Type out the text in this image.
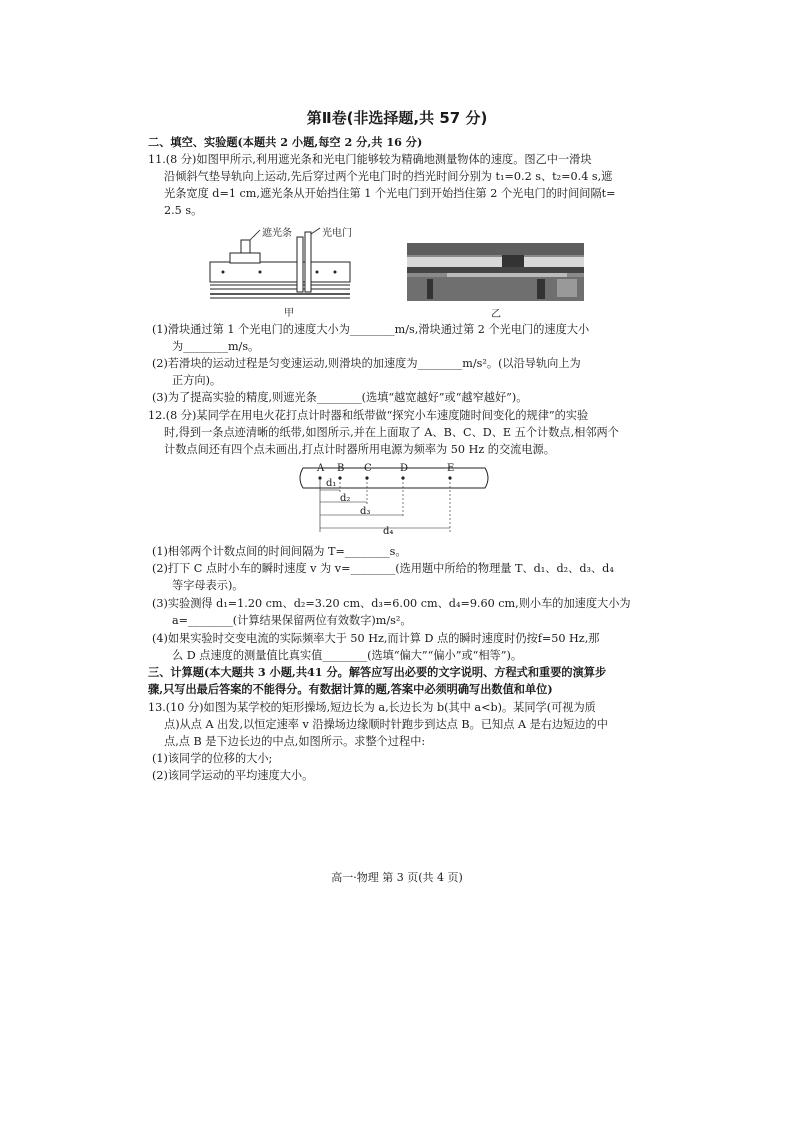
第Ⅱ卷(非选择题,共 57 分)
二、填空、实验题(本题共 2 小题,每空 2 分,共 16 分)
11.(8 分)如图甲所示,利用遮光条和光电门能够较为精确地测量物体的速度。图乙中一滑块
沿倾斜气垫导轨向上运动,先后穿过两个光电门时的挡光时间分别为 t₁=0.2 s、t₂=0.4 s,遮
光条宽度 d=1 cm,遮光条从开始挡住第 1 个光电门到开始挡住第 2 个光电门的时间间隔t=
2.5 s。
遮光条	光电门
甲	乙
(1)滑块通过第 1 个光电门的速度大小为________m/s,滑块通过第 2 个光电门的速度大小
为________m/s。
(2)若滑块的运动过程是匀变速运动,则滑块的加速度为________m/s²。(以沿导轨向上为
正方向)。
(3)为了提高实验的精度,则遮光条________(选填“越宽越好”或“越窄越好”)。
12.(8 分)某同学在用电火花打点计时器和纸带做“探究小车速度随时间变化的规律”的实验
时,得到一条点迹清晰的纸带,如图所示,并在上面取了 A、B、C、D、E 五个计数点,相邻两个
计数点间还有四个点未画出,打点计时器所用电源为频率为 50 Hz 的交流电源。
A B C	D	E
d₁
d₂
d₃
d₄
(1)相邻两个计数点间的时间间隔为 T=________s。
(2)打下 C 点时小车的瞬时速度 v 为 v=________(选用题中所给的物理量 T、d₁、d₂、d₃、d₄
等字母表示)。
(3)实验测得 d₁=1.20 cm、d₂=3.20 cm、d₃=6.00 cm、d₄=9.60 cm,则小车的加速度大小为
a=________(计算结果保留两位有效数字)m/s²。
(4)如果实验时交变电流的实际频率大于 50 Hz,而计算 D 点的瞬时速度时仍按f=50 Hz,那
么 D 点速度的测量值比真实值________(选填“偏大”“偏小”或“相等”)。
三、计算题(本大题共 3 小题,共41 分。解答应写出必要的文字说明、方程式和重要的演算步
骤,只写出最后答案的不能得分。有数据计算的题,答案中必须明确写出数值和单位)
13.(10 分)如图为某学校的矩形操场,短边长为 a,长边长为 b(其中 a<b)。某同学(可视为质
点)从点 A 出发,以恒定速率 v 沿操场边缘顺时针跑步到达点 B。已知点 A 是右边短边的中
点,点 B 是下边长边的中点,如图所示。求整个过程中:
(1)该同学的位移的大小;
(2)该同学运动的平均速度大小。
高一·物理 第 3 页(共 4 页)
